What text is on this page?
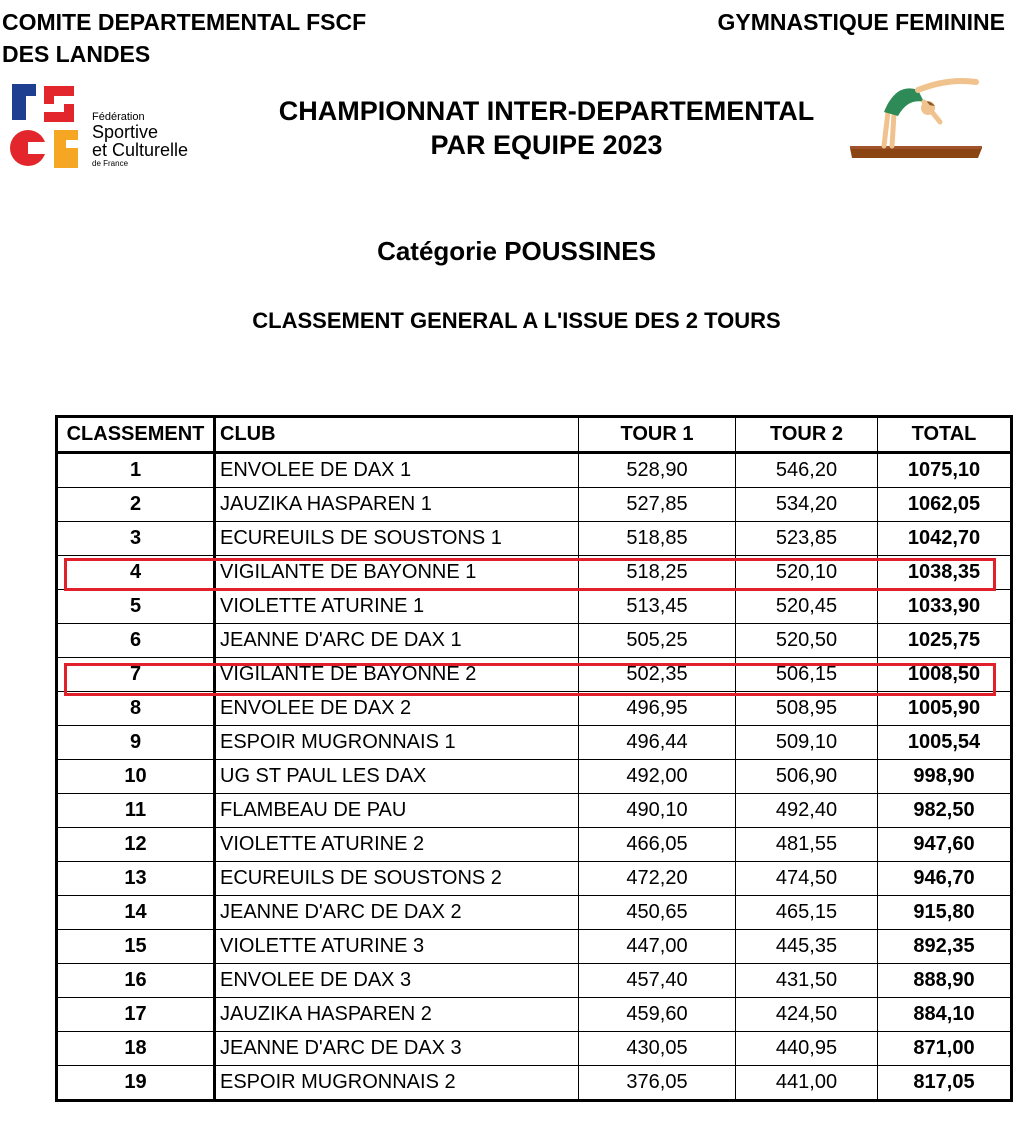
COMITE DEPARTEMENTAL FSCF
DES LANDES
GYMNASTIQUE FEMININE
Fédération
Sportive
et Culturelle
de France
CHAMPIONNAT INTER-DEPARTEMENTAL
PAR EQUIPE 2023
Catégorie POUSSINES
CLASSEMENT GENERAL A L'ISSUE DES 2 TOURS
CLASSEMENT	CLUB	TOUR 1	TOUR 2	TOTAL
1	ENVOLEE DE DAX 1	528,90	546,20	1075,10
2	JAUZIKA HASPAREN 1	527,85	534,20	1062,05
3	ECUREUILS DE SOUSTONS 1	518,85	523,85	1042,70
4	VIGILANTE DE BAYONNE 1	518,25	520,10	1038,35
5	VIOLETTE ATURINE 1	513,45	520,45	1033,90
6	JEANNE D'ARC DE DAX 1	505,25	520,50	1025,75
7	VIGILANTE DE BAYONNE 2	502,35	506,15	1008,50
8	ENVOLEE DE DAX 2	496,95	508,95	1005,90
9	ESPOIR MUGRONNAIS 1	496,44	509,10	1005,54
10	UG ST PAUL LES DAX	492,00	506,90	998,90
11	FLAMBEAU DE PAU	490,10	492,40	982,50
12	VIOLETTE ATURINE 2	466,05	481,55	947,60
13	ECUREUILS DE SOUSTONS 2	472,20	474,50	946,70
14	JEANNE D'ARC DE DAX 2	450,65	465,15	915,80
15	VIOLETTE ATURINE 3	447,00	445,35	892,35
16	ENVOLEE DE DAX 3	457,40	431,50	888,90
17	JAUZIKA HASPAREN 2	459,60	424,50	884,10
18	JEANNE D'ARC DE DAX 3	430,05	440,95	871,00
19	ESPOIR MUGRONNAIS 2	376,05	441,00	817,05
